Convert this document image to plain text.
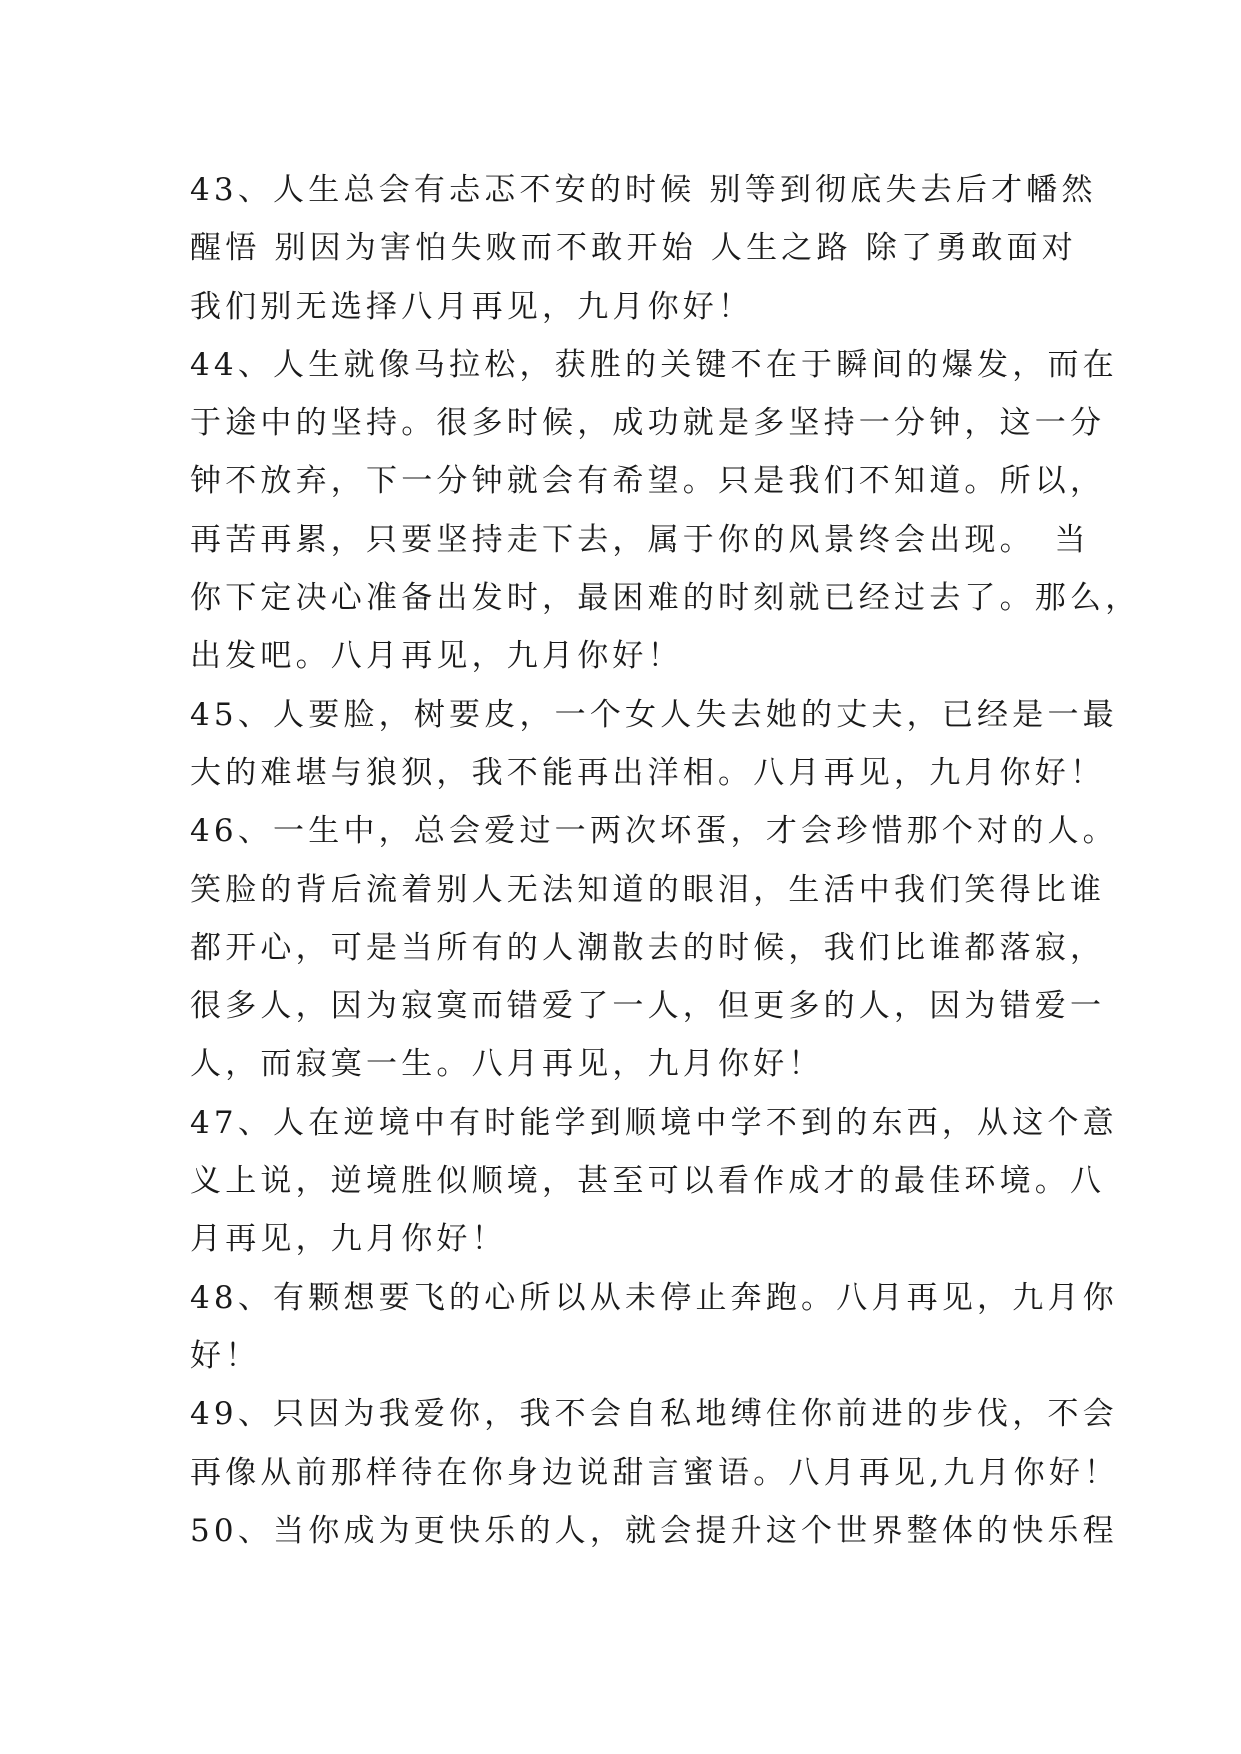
43、人生总会有忐忑不安的时候 别等到彻底失去后才幡然
醒悟 别因为害怕失败而不敢开始 人生之路 除了勇敢面对
我们别无选择八月再见，九月你好！
44、人生就像马拉松，获胜的关键不在于瞬间的爆发，而在
于途中的坚持。很多时候，成功就是多坚持一分钟，这一分
钟不放弃，下一分钟就会有希望。只是我们不知道。所以，
再苦再累，只要坚持走下去，属于你的风景终会出现。　当
你下定决心准备出发时，最困难的时刻就已经过去了。那么，
出发吧。八月再见，九月你好！
45、人要脸，树要皮，一个女人失去她的丈夫，已经是一最
大的难堪与狼狈，我不能再出洋相。八月再见，九月你好！
46、一生中，总会爱过一两次坏蛋，才会珍惜那个对的人。
笑脸的背后流着别人无法知道的眼泪，生活中我们笑得比谁
都开心，可是当所有的人潮散去的时候，我们比谁都落寂，
很多人，因为寂寞而错爱了一人，但更多的人，因为错爱一
人，而寂寞一生。八月再见，九月你好！
47、人在逆境中有时能学到顺境中学不到的东西，从这个意
义上说，逆境胜似顺境，甚至可以看作成才的最佳环境。八
月再见，九月你好！
48、有颗想要飞的心所以从未停止奔跑。八月再见，九月你
好！
49、只因为我爱你，我不会自私地缚住你前进的步伐，不会
再像从前那样待在你身边说甜言蜜语。八月再见,九月你好！
50、当你成为更快乐的人，就会提升这个世界整体的快乐程
